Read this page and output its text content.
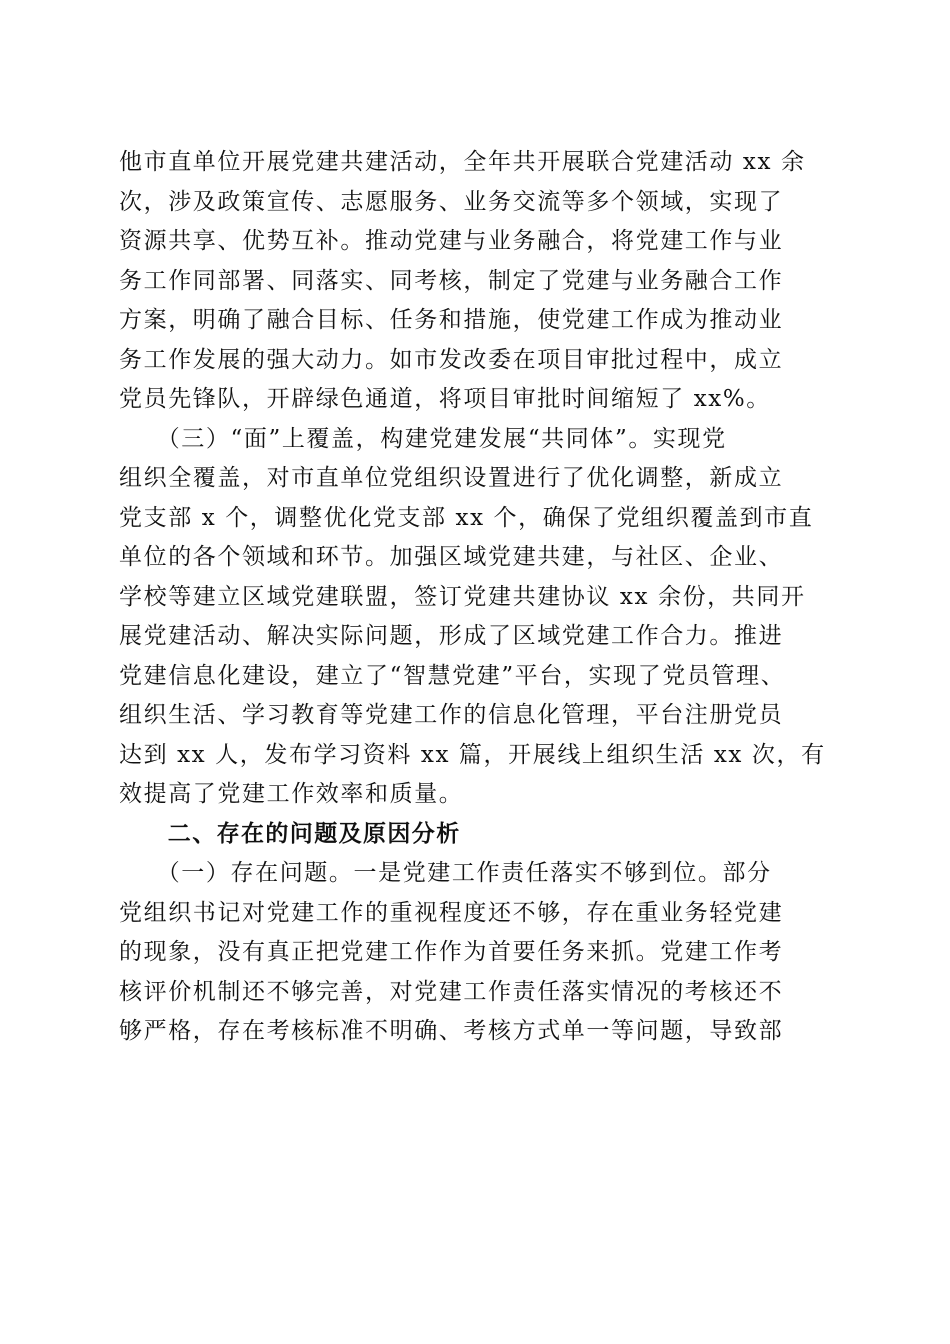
他市直单位开展党建共建活动，全年共开展联合党建活动 xx 余
次，涉及政策宣传、志愿服务、业务交流等多个领域，实现了
资源共享、优势互补。推动党建与业务融合，将党建工作与业
务工作同部署、同落实、同考核，制定了党建与业务融合工作
方案，明确了融合目标、任务和措施，使党建工作成为推动业
务工作发展的强大动力。如市发改委在项目审批过程中，成立
党员先锋队，开辟绿色通道，将项目审批时间缩短了 xx%。
　　（三）“面”上覆盖，构建党建发展“共同体”。实现党
组织全覆盖，对市直单位党组织设置进行了优化调整，新成立
党支部 x 个，调整优化党支部 xx 个，确保了党组织覆盖到市直
单位的各个领域和环节。加强区域党建共建，与社区、企业、
学校等建立区域党建联盟，签订党建共建协议 xx 余份，共同开
展党建活动、解决实际问题，形成了区域党建工作合力。推进
党建信息化建设，建立了“智慧党建”平台，实现了党员管理、
组织生活、学习教育等党建工作的信息化管理，平台注册党员
达到 xx 人，发布学习资料 xx 篇，开展线上组织生活 xx 次，有
效提高了党建工作效率和质量。
　　二、存在的问题及原因分析
　　（一）存在问题。一是党建工作责任落实不够到位。部分
党组织书记对党建工作的重视程度还不够，存在重业务轻党建
的现象，没有真正把党建工作作为首要任务来抓。党建工作考
核评价机制还不够完善，对党建工作责任落实情况的考核还不
够严格，存在考核标准不明确、考核方式单一等问题，导致部
